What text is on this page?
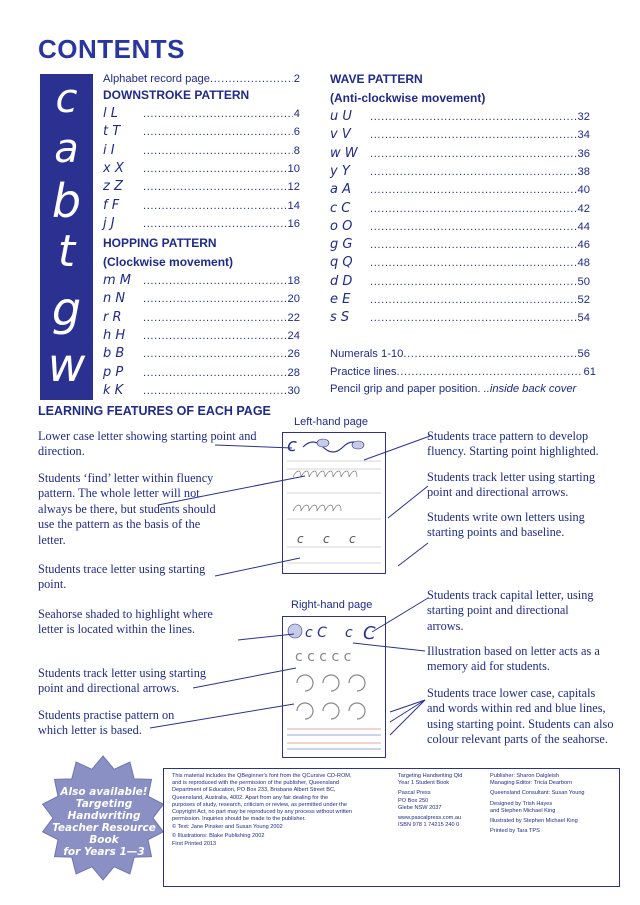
CONTENTS
c
a
b
t
g
w
Alphabet record page .....	2
DOWNSTROKE PATTERN
l L .....	4
t T .....	6
i I .....	8
x X .....	10
z Z .....	12
f F .....	14
j J .....	16
HOPPING PATTERN
(Clockwise movement)
m M .....	18
n N .....	20
r R .....	22
h H .....	24
b B .....	26
p P .....	28
k K .....	30
WAVE PATTERN
(Anti-clockwise movement)
u U .....	32
v V .....	34
w W .....	36
y Y .....	38
a A .....	40
c C .....	42
o O .....	44
g G .....	46
q Q .....	48
d D .....	50
e E .....	52
s S .....	54
Numerals 1-10 .....	56
Practice lines .....	61
Pencil grip and paper position. ..inside back cover
LEARNING FEATURES OF EACH PAGE
Left-hand page
Right-hand page
c
c c c
c C c C
c c c c c
Lower case letter showing starting point and direction.
Students ‘find’ letter within fluency pattern. The whole letter will not always be there, but students should use the pattern as the basis of the letter.
Students trace letter using starting point.
Seahorse shaded to highlight where letter is located within the lines.
Students track letter using starting point and directional arrows.
Students practise pattern on which letter is based.
Students trace pattern to develop fluency. Starting point highlighted.
Students track letter using starting point and directional arrows.
Students write own letters using starting points and baseline.
Students track capital letter, using starting point and directional arrows.
Illustration based on letter acts as a memory aid for students.
Students trace lower case, capitals and words within red and blue lines, using starting point. Students can also colour relevant parts of the seahorse.
Also available!
Targeting Handwriting
Teacher Resource Book
for Years 1—3
This material includes the QBeginner's font from the QCursive CD-ROM,
and is reproduced with the permission of the publisher, Queensland
Department of Education, PO Box 233, Brisbane Albert Street BC,
Queensland, Australia, 4002. Apart from any fair dealing for the
purposes of study, research, criticism or review, as permitted under the
Copyright Act, no part may be reproduced by any process without written
permission. Inquiries should be made to the publisher.
© Text: Jane Pinsker and Susan Young 2002
© Illustrations: Blake Publishing 2002
First Printed 2013
Targeting Handwriting Qld
Year 1 Student Book
Pascal Press
PO Box 250
Glebe NSW 2037
www.pascalpress.com.au
ISBN 978 1 74215 240 0
Publisher: Sharon Dalgleish
Managing Editor: Tricia Dearborn
Queensland Consultant: Susan Young
Designed by Trish Hayes
and Stephen Michael King
Illustrated by Stephen Michael King
Printed by Tara TPS
